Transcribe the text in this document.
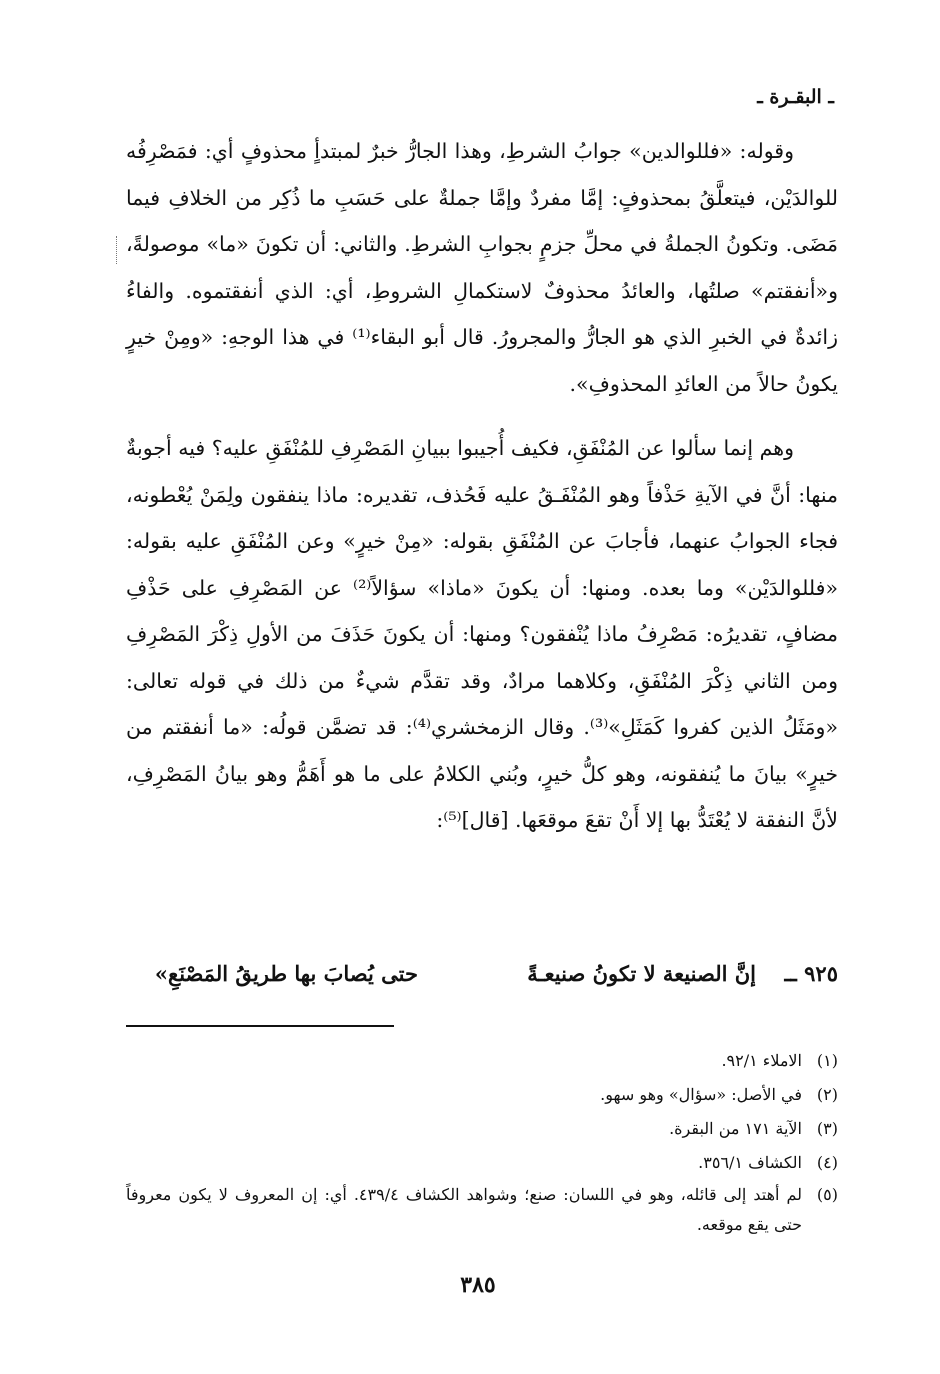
ـ البقـرة ـ

وقوله: «فللوالدين» جوابُ الشرطِ، وهذا الجارُّ خبرٌ لمبتدأٍ محذوفٍ أي: فمَصْرِفُه للوالدَيْن، فيتعلَّقُ بمحذوفٍ: إمَّا مفردٌ وإمَّا جملةٌ على حَسَبِ ما ذُكِر من الخلافِ فيما مَضَى. وتكونُ الجملةُ في محلِّ جزمٍ بجوابِ الشرطِ. والثاني: أن تكونَ «ما» موصولةً، و«أنفقتم» صلتُها، والعائدُ محذوفٌ لاستكمالِ الشروطِ، أي: الذي أنفقتموه. والفاءُ زائدةٌ في الخبرِ الذي هو الجارُّ والمجرورُ. قال أبو البقاء⁽¹⁾ في هذا الوجهِ: «ومِنْ خيرٍ يكونُ حالاً من العائدِ المحذوفِ».

وهم إنما سألوا عن المُنْفَقِ، فكيف أُجيبوا ببيانِ المَصْرِفِ للمُنْفَقِ عليه؟ فيه أجوبةٌ منها: أنَّ في الآيةِ حَذْفاً وهو المُنْفَـقُ عليه فَحُذف، تقديره: ماذا ينفقون ولِمَنْ يُعْطونه، فجاء الجوابُ عنهما، فأجابَ عن المُنْفَقِ بقوله: «مِنْ خيرٍ» وعن المُنْفَقِ عليه بقوله: «فللوالدَيْن» وما بعده. ومنها: أن يكونَ «ماذا» سؤالاً⁽²⁾ عن المَصْرِفِ على حَذْفِ مضافٍ، تقديرُه: مَصْرِفُ ماذا يُنْفقون؟ ومنها: أن يكونَ حَذَفَ من الأولِ ذِكْرَ المَصْرِفِ ومن الثاني ذِكْرَ المُنْفَقِ، وكلاهما مرادٌ، وقد تقدَّم شيءٌ من ذلك في قوله تعالى: «ومَثَلُ الذين كفروا كَمَثَلِ»⁽³⁾. وقال الزمخشري⁽⁴⁾: قد تضمَّن قولُه: «ما أنفقتم من خيرٍ» بيانَ ما يُنفقونه، وهو كلُّ خيرٍ، وبُني الكلامُ على ما هو أَهَمُّ وهو بيانُ المَصْرِفِ، لأنَّ النفقة لا يُعْتَدُّ بها إلا أَنْ تقعَ موقعَها. [قال]⁽⁵⁾:

٩٢٥ ــ
إنَّ الصنيعة لا تكونُ صنيعـةً
حتى يُصابَ بها طريقُ المَصْنَعِ»
(١)
الاملاء ٩٢/١.
(٢)
في الأصل: «سؤال» وهو سهو.
(٣)
الآية ١٧١ من البقرة.
(٤)
الكشاف ٣٥٦/١.
(٥)
لم أهتد إلى قائله، وهو في اللسان: صنع؛ وشواهد الكشاف ٤٣٩/٤. أي: إن المعروف لا يكون معروفاً حتى يقع موقعه.
٣٨٥
